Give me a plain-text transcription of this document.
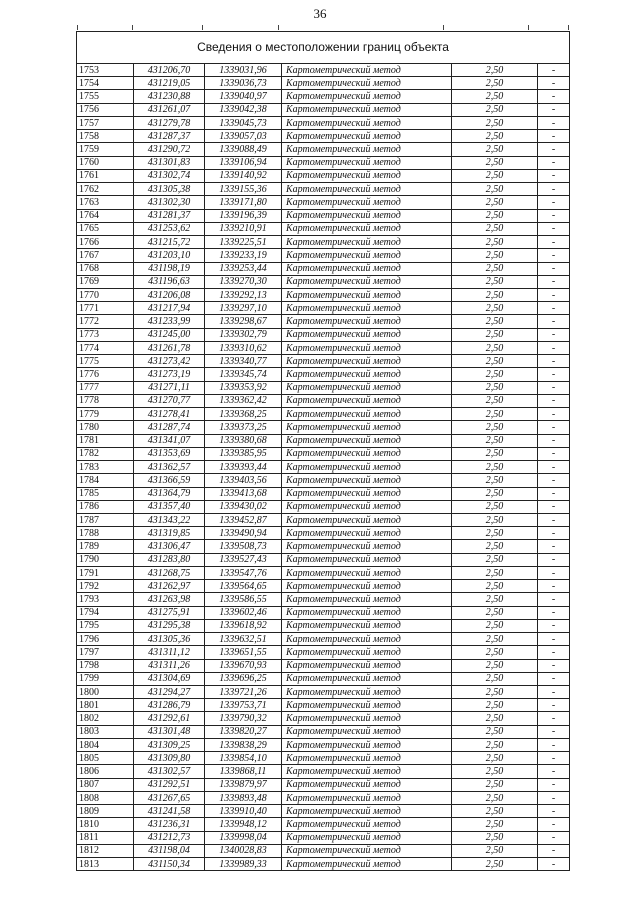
36
Сведения о местоположении границ объекта
1753	431206,70	1339031,96	Картометрический метод	2,50	-
1754	431219,05	1339036,73	Картометрический метод	2,50	-
1755	431230,88	1339040,97	Картометрический метод	2,50	-
1756	431261,07	1339042,38	Картометрический метод	2,50	-
1757	431279,78	1339045,73	Картометрический метод	2,50	-
1758	431287,37	1339057,03	Картометрический метод	2,50	-
1759	431290,72	1339088,49	Картометрический метод	2,50	-
1760	431301,83	1339106,94	Картометрический метод	2,50	-
1761	431302,74	1339140,92	Картометрический метод	2,50	-
1762	431305,38	1339155,36	Картометрический метод	2,50	-
1763	431302,30	1339171,80	Картометрический метод	2,50	-
1764	431281,37	1339196,39	Картометрический метод	2,50	-
1765	431253,62	1339210,91	Картометрический метод	2,50	-
1766	431215,72	1339225,51	Картометрический метод	2,50	-
1767	431203,10	1339233,19	Картометрический метод	2,50	-
1768	431198,19	1339253,44	Картометрический метод	2,50	-
1769	431196,63	1339270,30	Картометрический метод	2,50	-
1770	431206,08	1339292,13	Картометрический метод	2,50	-
1771	431217,94	1339297,10	Картометрический метод	2,50	-
1772	431233,99	1339298,67	Картометрический метод	2,50	-
1773	431245,00	1339302,79	Картометрический метод	2,50	-
1774	431261,78	1339310,62	Картометрический метод	2,50	-
1775	431273,42	1339340,77	Картометрический метод	2,50	-
1776	431273,19	1339345,74	Картометрический метод	2,50	-
1777	431271,11	1339353,92	Картометрический метод	2,50	-
1778	431270,77	1339362,42	Картометрический метод	2,50	-
1779	431278,41	1339368,25	Картометрический метод	2,50	-
1780	431287,74	1339373,25	Картометрический метод	2,50	-
1781	431341,07	1339380,68	Картометрический метод	2,50	-
1782	431353,69	1339385,95	Картометрический метод	2,50	-
1783	431362,57	1339393,44	Картометрический метод	2,50	-
1784	431366,59	1339403,56	Картометрический метод	2,50	-
1785	431364,79	1339413,68	Картометрический метод	2,50	-
1786	431357,40	1339430,02	Картометрический метод	2,50	-
1787	431343,22	1339452,87	Картометрический метод	2,50	-
1788	431319,85	1339490,94	Картометрический метод	2,50	-
1789	431306,47	1339508,73	Картометрический метод	2,50	-
1790	431283,80	1339527,43	Картометрический метод	2,50	-
1791	431268,75	1339547,76	Картометрический метод	2,50	-
1792	431262,97	1339564,65	Картометрический метод	2,50	-
1793	431263,98	1339586,55	Картометрический метод	2,50	-
1794	431275,91	1339602,46	Картометрический метод	2,50	-
1795	431295,38	1339618,92	Картометрический метод	2,50	-
1796	431305,36	1339632,51	Картометрический метод	2,50	-
1797	431311,12	1339651,55	Картометрический метод	2,50	-
1798	431311,26	1339670,93	Картометрический метод	2,50	-
1799	431304,69	1339696,25	Картометрический метод	2,50	-
1800	431294,27	1339721,26	Картометрический метод	2,50	-
1801	431286,79	1339753,71	Картометрический метод	2,50	-
1802	431292,61	1339790,32	Картометрический метод	2,50	-
1803	431301,48	1339820,27	Картометрический метод	2,50	-
1804	431309,25	1339838,29	Картометрический метод	2,50	-
1805	431309,80	1339854,10	Картометрический метод	2,50	-
1806	431302,57	1339868,11	Картометрический метод	2,50	-
1807	431292,51	1339879,97	Картометрический метод	2,50	-
1808	431267,65	1339893,48	Картометрический метод	2,50	-
1809	431241,58	1339910,40	Картометрический метод	2,50	-
1810	431236,31	1339948,12	Картометрический метод	2,50	-
1811	431212,73	1339998,04	Картометрический метод	2,50	-
1812	431198,04	1340028,83	Картометрический метод	2,50	-
1813	431150,34	1339989,33	Картометрический метод	2,50	-
